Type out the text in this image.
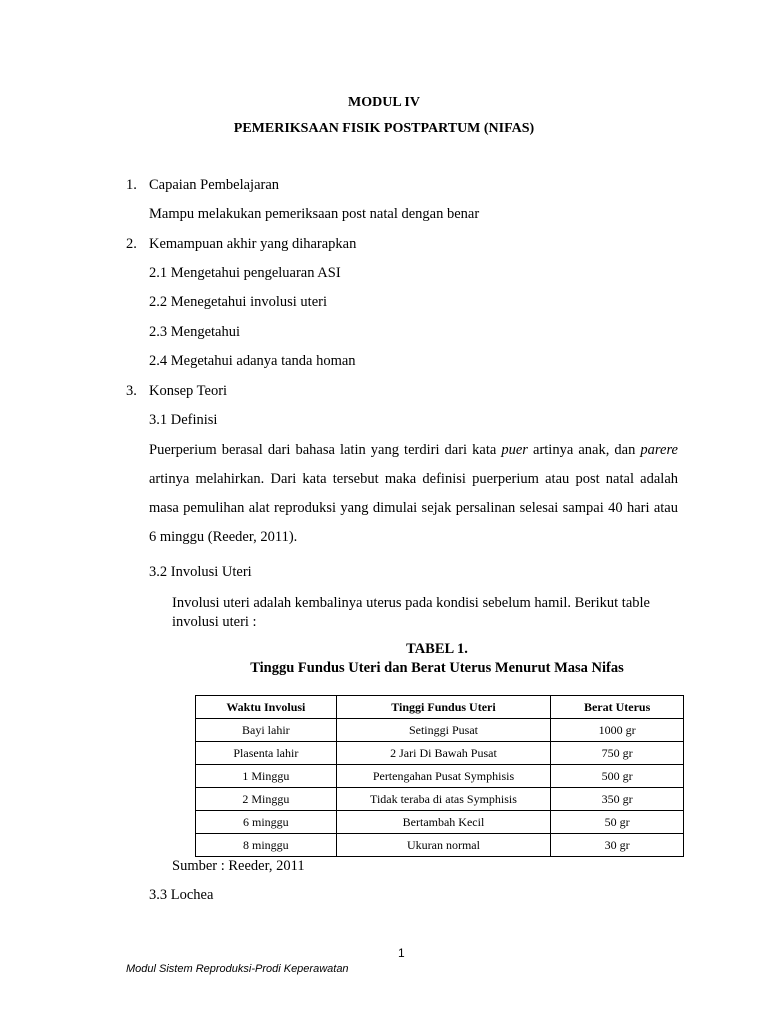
MODUL IV
PEMERIKSAAN FISIK POSTPARTUM (NIFAS)
1. Capaian Pembelajaran
Mampu melakukan pemeriksaan post natal dengan benar
2. Kemampuan akhir yang diharapkan
2.1 Mengetahui pengeluaran ASI
2.2 Menegetahui involusi uteri
2.3 Mengetahui
2.4 Megetahui adanya tanda homan
3. Konsep Teori
3.1 Definisi
Puerperium berasal dari bahasa latin yang terdiri dari kata puer artinya anak, dan parere artinya melahirkan. Dari kata tersebut maka definisi puerperium atau post natal adalah masa pemulihan alat reproduksi yang dimulai sejak persalinan selesai sampai 40 hari atau 6 minggu (Reeder, 2011).
3.2 Involusi Uteri
Involusi uteri adalah kembalinya uterus pada kondisi sebelum hamil. Berikut table involusi uteri :
TABEL 1.
Tinggu Fundus Uteri dan Berat Uterus Menurut Masa Nifas
Waktu Involusi	Tinggi Fundus Uteri	Berat Uterus
Bayi lahir	Setinggi Pusat	1000 gr
Plasenta lahir	2 Jari Di Bawah Pusat	750 gr
1 Minggu	Pertengahan Pusat Symphisis	500 gr
2 Minggu	Tidak teraba di atas Symphisis	350 gr
6 minggu	Bertambah Kecil	50 gr
8 minggu	Ukuran normal	30 gr
Sumber : Reeder, 2011
3.3 Lochea
1
Modul Sistem Reproduksi-Prodi Keperawatan
